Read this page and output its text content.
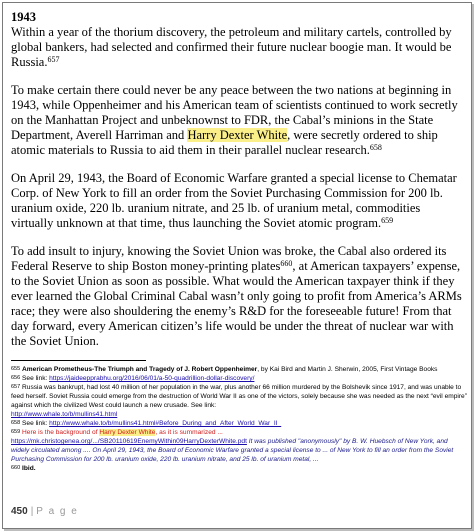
1943

Within a year of the thorium discovery, the petroleum and military cartels, controlled by global bankers, had selected and confirmed their future nuclear boogie man. It would be Russia.$^{657}$

To make certain there could never be any peace between the two nations at beginning in 1943, while Oppenheimer and his American team of scientists continued to work secretly on the Manhattan Project and unbeknownst to FDR, the Cabal’s minions in the State Department, Averell Harriman and Harry Dexter White, were secretly ordered to ship atomic materials to Russia to aid them in their parallel nuclear research.$^{658}$

On April 29, 1943, the Board of Economic Warfare granted a special license to Chematar Corp. of New York to fill an order from the Soviet Purchasing Commission for 200 lb. uranium oxide, 220 lb. uranium nitrate, and 25 lb. of uranium metal, commodities virtually unknown at that time, thus launching the Soviet atomic program.$^{659}$

To add insult to injury, knowing the Soviet Union was broke, the Cabal also ordered its Federal Reserve to ship Boston money-printing plates$^{660}$, at American taxpayers’ expense, to the Soviet Union as soon as possible. What would the American taxpayer think if they ever learned the Global Criminal Cabal wasn’t only going to profit from America’s ARMs race; they were also shouldering the enemy’s R&D for the foreseeable future! From that day forward, every American citizen’s life would be under the threat of nuclear war with the Soviet Union.

655 American Prometheus-The Triumph and Tragedy of J. Robert Oppenheimer, by Kai Bird and Martin J. Sherwin, 2005, First Vintage Books
656 See link: https://jaideepprabhu.org/2016/06/01/a-50-quadrillion-dollar-discovery/
657 Russia was bankrupt, had lost 40 million of her population in the war, plus another 66 million murdered by the Bolshevik since 1917, and was unable to feed herself. Soviet Russia could emerge from the destruction of World War II as one of the victors, solely because she was needed as the next “evil empire” against which the civilized West could launch a new crusade. See link:
http://www.whale.to/b/mullins41.html
658 See link: http://www.whale.to/b/mullins41.html#Before_During_and_After_World_War_II_
659 Here is the background of Harry Dexter White, as it is summarized ...
https://mk.christogenea.org/.../SB20110619EnemyWithin09HarryDexterWhite.pdt It was published "anonymously" by B. W. Huebsch of New York, and widely circulated among .... On April 29, 1943, the Board of Economic Warfare granted a special license to ... of New York to fill an order from the Soviet Purchasing Commission for 200 lb. uranium oxide, 220 lb. uranium nitrate, and 25 lb. of uranium metal, ...
660 Ibid.
450 | P a g e
